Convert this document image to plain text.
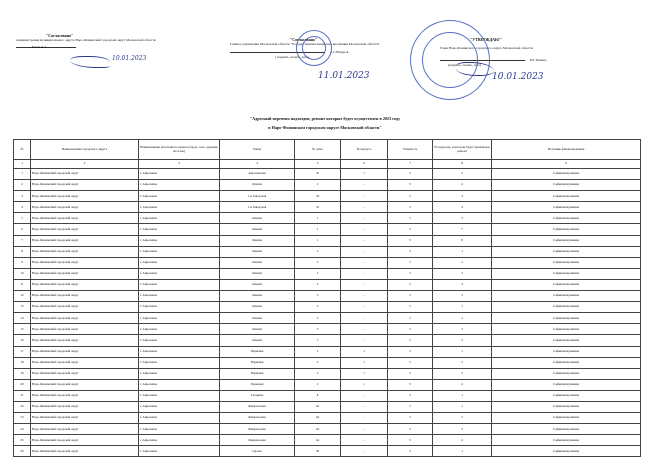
"Согласовано"
Администрация муниципального округа Наро-Фоминский городской округ Московской области
Блюм Л.А.
10.01.2023
"Согласовано"
Главное управление Московской области "Государственная жилищная инспекция Московской области"
А.С.Вакуров
( подпись, печать, дата)
11.01.2023
"УТВЕРЖДАЮ"
Глава Наро-Фоминского городского округа Московской области
Р.Л. Шамнэ
(подпись, печать, дата)
10.01.2023
"Адресный перечень подъездов, ремонт которых будет осуществлен в 2023 году
в Наро-Фоминском городском округе Московской области"
№	Наименование городского округа	Наименование населенного пункта (город, село, деревня, поселок)	Улица	№ дома	№ корпуса	Этажность	№ подъезда, в котором будет произведен ремонт	Источник финансирования
1	2	3	4	5	6	7	8	9
1	Наро-Фоминский городской округ	г. Апрелевка	Апрелевская	76	1	5	2	Софинансирование
2	Наро-Фоминский городской округ	г. Апрелевка	Дачная	2	–	5	4	Софинансирование
3	Наро-Фоминский городской округ	г. Апрелевка	1-я Заводская	34	–	5	4	Софинансирование
4	Наро-Фоминский городской округ	г. Апрелевка	1-я Заводская	33	–	5	4	Софинансирование
5	Наро-Фоминский городской округ	г. Апрелевка	Ленина	1	–	5	3	Софинансирование
6	Наро-Фоминский городской округ	г. Апрелевка	Ленина	1	–	5	7	Софинансирование
7	Наро-Фоминский городской округ	г. Апрелевка	Ленина	1	–	5	8	Софинансирование
8	Наро-Фоминский городской округ	г. Апрелевка	Ленина	2	–	5	1	Софинансирование
9	Наро-Фоминский городской округ	г. Апрелевка	Ленина	3	–	5	2	Софинансирование
10	Наро-Фоминский городской округ	г. Апрелевка	Ленина	2	–	5	3	Софинансирование
11	Наро-Фоминский городской округ	г. Апрелевка	Ленина	2	–	5	4	Софинансирование
12	Наро-Фоминский городской округ	г. Апрелевка	Ленина	3	–	5	3	Софинансирование
13	Наро-Фоминский городской округ	г. Апрелевка	Ленина	5	–	5	1	Софинансирование
14	Наро-Фоминский городской округ	г. Апрелевка	Ленина	5	–	5	2	Софинансирование
15	Наро-Фоминский городской округ	г. Апрелевка	Ленина	5	–	5	3	Софинансирование
16	Наро-Фоминский городской округ	г. Апрелевка	Ленина	7	–	5	2	Софинансирование
17	Наро-Фоминский городской округ	г. Апрелевка	Парковая	2	1	5	1	Софинансирование
18	Наро-Фоминский городской округ	г. Апрелевка	Парковая	2	1	5	2	Софинансирование
19	Наро-Фоминский городской округ	г. Апрелевка	Парковая	2	1	5	3	Софинансирование
20	Наро-Фоминский городской округ	г. Апрелевка	Парковая	2	1	5	4	Софинансирование
21	Наро-Фоминский городской округ	г. Апрелевка	Гагарина	8	–	5	1	Софинансирование
22	Наро-Фоминский городской округ	г. Апрелевка	Февральская	44	–	5	1	Софинансирование
23	Наро-Фоминский городской округ	г. Апрелевка	Февральская	44	–	5	2	Софинансирование
24	Наро-Фоминский городской округ	г. Апрелевка	Февральская	44	–	5	3	Софинансирование
25	Наро-Фоминский городской округ	г. Апрелевка	Февральская	44	–	5	4	Софинансирование
26	Наро-Фоминский городской округ	г. Апрелевка	Героев	39	–	5	1	Софинансирование
